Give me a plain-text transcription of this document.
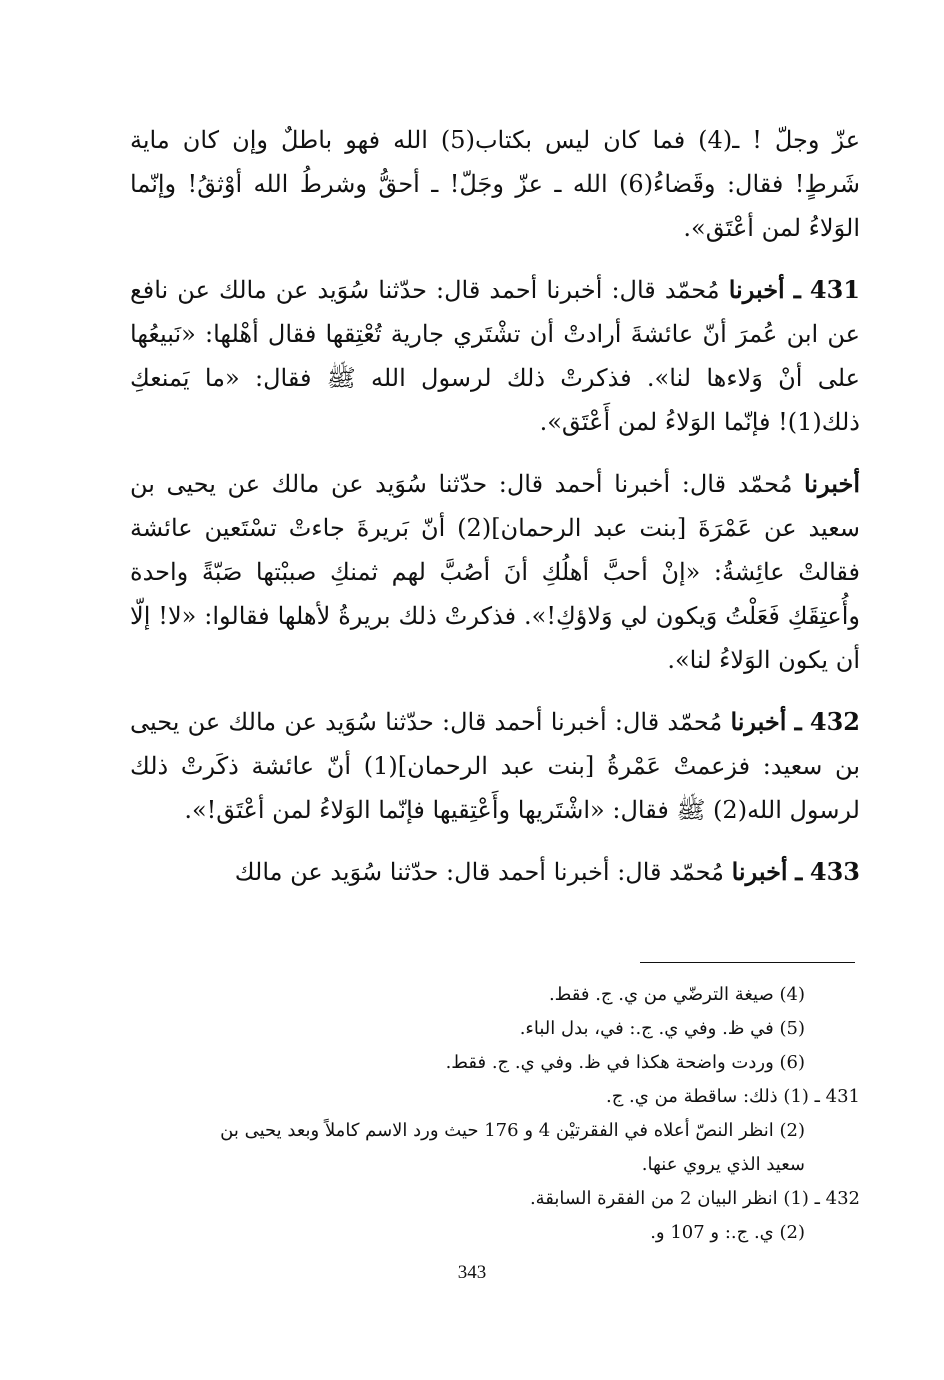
عزّ وجلّ ! ـ(4) فما كان ليس بكتاب(5) الله فهو باطلٌ وإن كان ماية شَرطٍ! فقال: وقَضاءُ(6) الله ـ عزّ وجَلّ! ـ أحقُّ وشرطُ الله أوْثقُ! وإنّما الوَلاءُ لمن أعْتَق».

431 ـ أخبرنا مُحمّد قال: أخبرنا أحمد قال: حدّثنا سُوَيد عن مالك عن نافع عن ابن عُمرَ أنّ عائشةَ أرادتْ أن تشْتَري جارية تُعْتِقها فقال أهْلها: «نَبيعُها على أنْ وَلاءها لنا». فذكرتْ ذلك لرسول الله ﷺ فقال: «ما يَمنعكِ ذلك(1)! فإنّما الوَلاءُ لمن أَعْتَق».

أخبرنا مُحمّد قال: أخبرنا أحمد قال: حدّثنا سُوَيد عن مالك عن يحيى بن سعيد عن عَمْرَةَ [بنت عبد الرحمان](2) أنّ بَريرةَ جاءتْ تسْتَعين عائشة فقالتْ عائِشةُ: «إنْ أحبَّ أهلُكِ أنَ أصُبَّ لهم ثمنكِ صببْتها صَبّةً واحدة وأُعتِقَكِ فَعَلْتُ وَيكون لي وَلاؤكِ!». فذكرتْ ذلك بريرةُ لأهلها فقالوا: «لا! إلّا أن يكون الوَلاءُ لنا».

432 ـ أخبرنا مُحمّد قال: أخبرنا أحمد قال: حدّثنا سُوَيد عن مالك عن يحيى بن سعيد: فزعمتْ عَمْرةُ [بنت عبد الرحمان](1) أنّ عائشة ذكَرتْ ذلك لرسول الله(2) ﷺ فقال: «اشْتَريها وأَعْتِقيها فإنّما الوَلاءُ لمن أعْتَق!».

433 ـ أخبرنا مُحمّد قال: أخبرنا أحمد قال: حدّثنا سُوَيد عن مالك

(4) صيغة الترضّي من ي. ج. فقط.
(5) في ظ. وفي ي. ج.: في، بدل الباء.
(6) وردت واضحة هكذا في ظ. وفي ي. ج. فقط.
431 ـ (1) ذلك: ساقطة من ي. ج.
(2) انظر النصّ أعلاه في الفقرتيْن 4 و 176 حيث ورد الاسم كاملاً وبعد يحيى بن
سعيد الذي يروي عنها.
432 ـ (1) انظر البيان 2 من الفقرة السابقة.
(2) ي. ج.: و 107 و.
343
